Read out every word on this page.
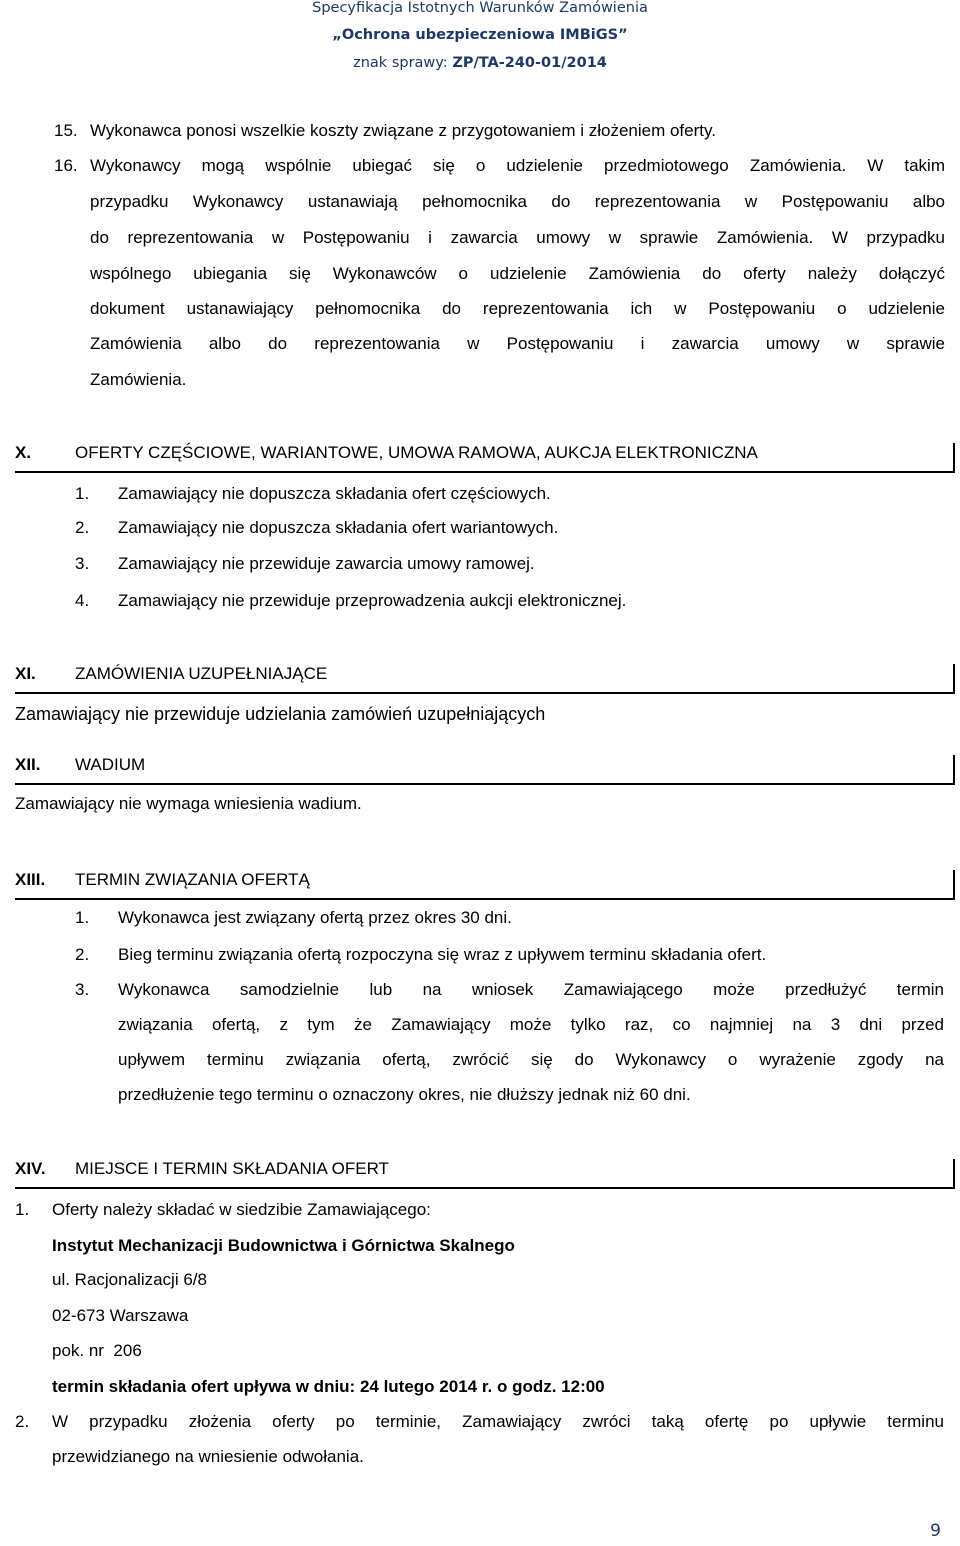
Specyfikacja Istotnych Warunków Zamówienia
„Ochrona ubezpieczeniowa IMBiGS”
znak sprawy: ZP/TA-240-01/2014
15. Wykonawca ponosi wszelkie koszty związane z przygotowaniem i złożeniem oferty.
16. Wykonawcy mogą wspólnie ubiegać się o udzielenie przedmiotowego Zamówienia. W takim
przypadku Wykonawcy ustanawiają pełnomocnika do reprezentowania w Postępowaniu albo
do reprezentowania w Postępowaniu i zawarcia umowy w sprawie Zamówienia. W przypadku
wspólnego ubiegania się Wykonawców o udzielenie Zamówienia do oferty należy dołączyć
dokument ustanawiający pełnomocnika do reprezentowania ich w Postępowaniu o udzielenie
Zamówienia albo do reprezentowania w Postępowaniu i zawarcia umowy w sprawie
Zamówienia.
X.	OFERTY CZĘŚCIOWE, WARIANTOWE, UMOWA RAMOWA, AUKCJA ELEKTRONICZNA
1. Zamawiający nie dopuszcza składania ofert częściowych.
2. Zamawiający nie dopuszcza składania ofert wariantowych.
3. Zamawiający nie przewiduje zawarcia umowy ramowej.
4. Zamawiający nie przewiduje przeprowadzenia aukcji elektronicznej.
XI. ZAMÓWIENIA UZUPEŁNIAJĄCE
Zamawiający nie przewiduje udzielania zamówień uzupełniających
XII. WADIUM
Zamawiający nie wymaga wniesienia wadium.
XIII. TERMIN ZWIĄZANIA OFERTĄ
1. Wykonawca jest związany ofertą przez okres 30 dni.
2. Bieg terminu związania ofertą rozpoczyna się wraz z upływem terminu składania ofert.
3. Wykonawca samodzielnie lub na wniosek Zamawiającego może przedłużyć termin
związania ofertą, z tym że Zamawiający może tylko raz, co najmniej na 3 dni przed
upływem terminu związania ofertą, zwrócić się do Wykonawcy o wyrażenie zgody na
przedłużenie tego terminu o oznaczony okres, nie dłuższy jednak niż 60 dni.
XIV. MIEJSCE I TERMIN SKŁADANIA OFERT
1. Oferty należy składać w siedzibie Zamawiającego:
Instytut Mechanizacji Budownictwa i Górnictwa Skalnego
ul. Racjonalizacji 6/8
02-673 Warszawa
pok. nr  206
termin składania ofert upływa w dniu: 24 lutego 2014 r. o godz. 12:00
2. W przypadku złożenia oferty po terminie, Zamawiający zwróci taką ofertę po upływie terminu
przewidzianego na wniesienie odwołania.
9
